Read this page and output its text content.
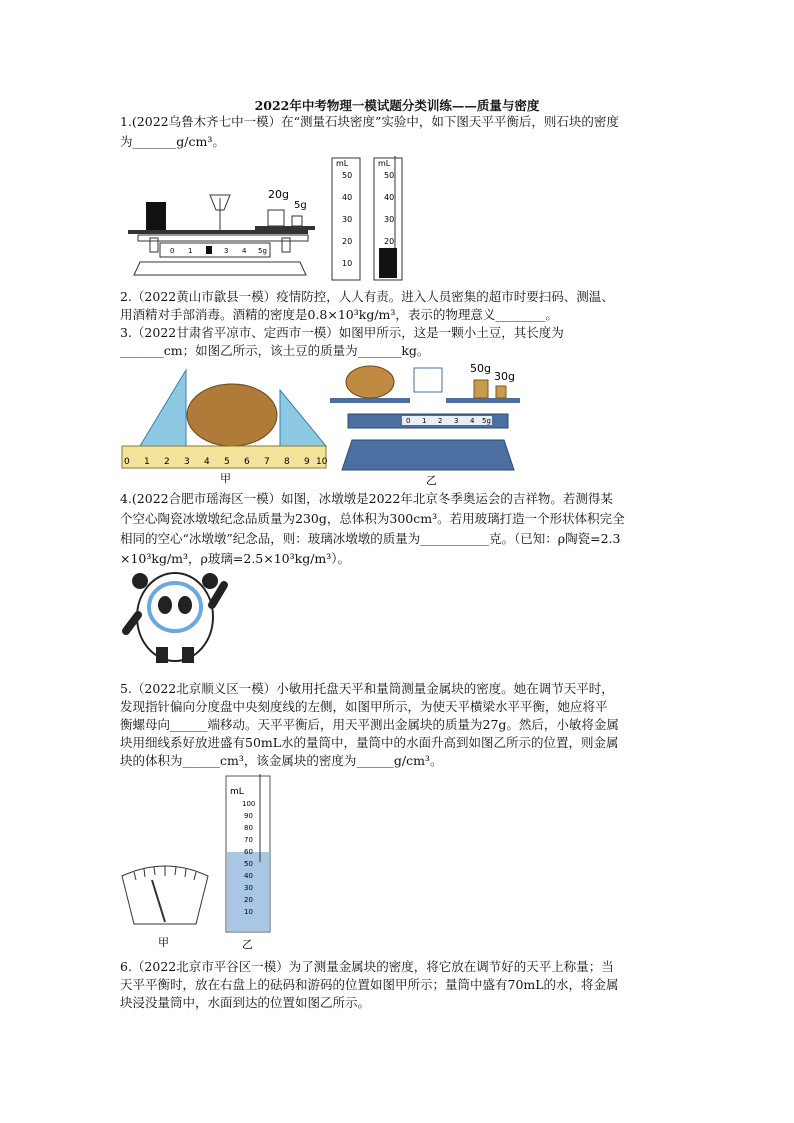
2022年中考物理一模试题分类训练——质量与密度
1.(2022乌鲁木齐七中一模）在“测量石块密度”实验中，如下图天平平衡后，则石块的密度
为_______g/cm³。
20g
5g
0 1 2 3 4 5g
mL
50
40
30
20
10
mL
50
40
30
20
2.（2022黄山市歙县一模）疫情防控，人人有责。进入人员密集的超市时要扫码、测温、
用酒精对手部消毒。酒精的密度是0.8×10³kg/m³，表示的物理意义________。
3.（2022甘肃省平凉市、定西市一模）如图甲所示，这是一颗小土豆，其长度为
_______cm；如图乙所示，该土豆的质量为_______kg。
0 1 2 3 4 5 6 7 8 9 10
甲
50g
30g
0 1 2 3 4 5g
乙
4.(2022合肥市瑶海区一模）如图，冰墩墩是2022年北京冬季奥运会的吉祥物。若测得某
个空心陶瓷冰墩墩纪念品质量为230g，总体积为300cm³。若用玻璃打造一个形状体积完全
相同的空心“冰墩墩”纪念品，则：玻璃冰墩墩的质量为___________克。（已知：ρ陶瓷=2.3
×10³kg/m³，ρ玻璃=2.5×10³kg/m³）。
5.（2022北京顺义区一模）小敏用托盘天平和量筒测量金属块的密度。她在调节天平时，
发现指针偏向分度盘中央刻度线的左侧，如图甲所示，为使天平横梁水平平衡，她应将平
衡螺母向______端移动。天平平衡后，用天平测出金属块的质量为27g。然后，小敏将金属
块用细线系好放进盛有50mL水的量筒中，量筒中的水面升高到如图乙所示的位置，则金属
块的体积为______cm³，该金属块的密度为______g/cm³。
甲
mL
100
90
80
70
60
50
40
30
20
10
乙
6.（2022北京市平谷区一模）为了测量金属块的密度，将它放在调节好的天平上称量；当
天平平衡时，放在右盘上的砝码和游码的位置如图甲所示；量筒中盛有70mL的水，将金属
块浸没量筒中，水面到达的位置如图乙所示。
